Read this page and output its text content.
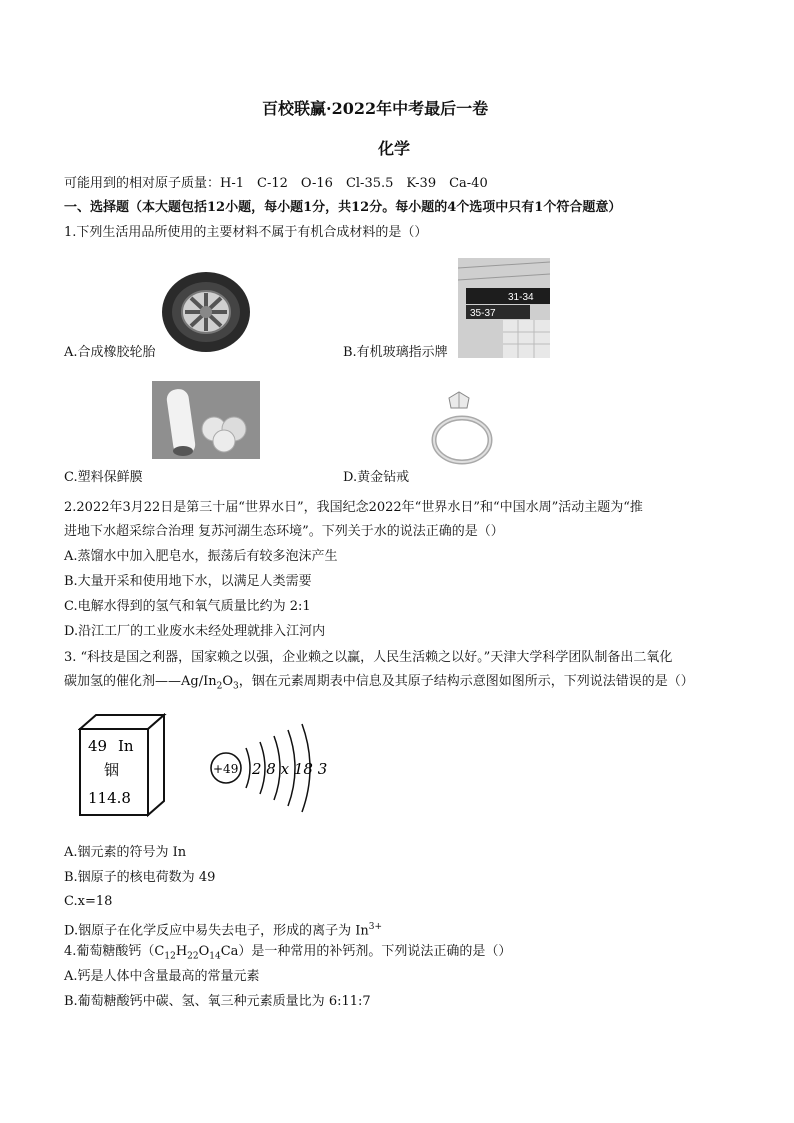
百校联赢·2022年中考最后一卷
化学
可能用到的相对原子质量：H-1　C-12　O-16　Cl-35.5　K-39　Ca-40
一、选择题（本大题包括12小题，每小题1分，共12分。每小题的4个选项中只有1个符合题意）
1.下列生活用品所使用的主要材料不属于有机合成材料的是（）
31-34
35-37
A.合成橡胶轮胎	B.有机玻璃指示牌
C.塑料保鲜膜	D.黄金钻戒
2.2022年3月22日是第三十届“世界水日”，我国纪念2022年“世界水日”和“中国水周”活动主题为“推
进地下水超采综合治理 复苏河湖生态环境”。下列关于水的说法正确的是（）
A.蒸馏水中加入肥皂水，振荡后有较多泡沫产生
B.大量开采和使用地下水，以满足人类需要
C.电解水得到的氢气和氧气质量比约为 2:1
D.沿江工厂的工业废水未经处理就排入江河内
3. “科技是国之利器，国家赖之以强，企业赖之以赢，人民生活赖之以好。”天津大学科学团队制备出二氧化
碳加氢的催化剂$——Ag/In_2O_3$，铟在元素周期表中信息及其原子结构示意图如图所示，下列说法错误的是（）
49 In
铟
114.8
+49 2 8 x 18 3
A.铟元素的符号为 In
B.铟原子的核电荷数为 49
C.x=18
D.铟原子在化学反应中易失去电子，形成的离子为 $In^{3+}$
4.葡萄糖酸钙$(C_{12}H_{22}O_{14}Ca)$是一种常用的补钙剂。下列说法正确的是（）
A.钙是人体中含量最高的常量元素
B.葡萄糖酸钙中碳、氢、氧三种元素质量比为 6:11:7
